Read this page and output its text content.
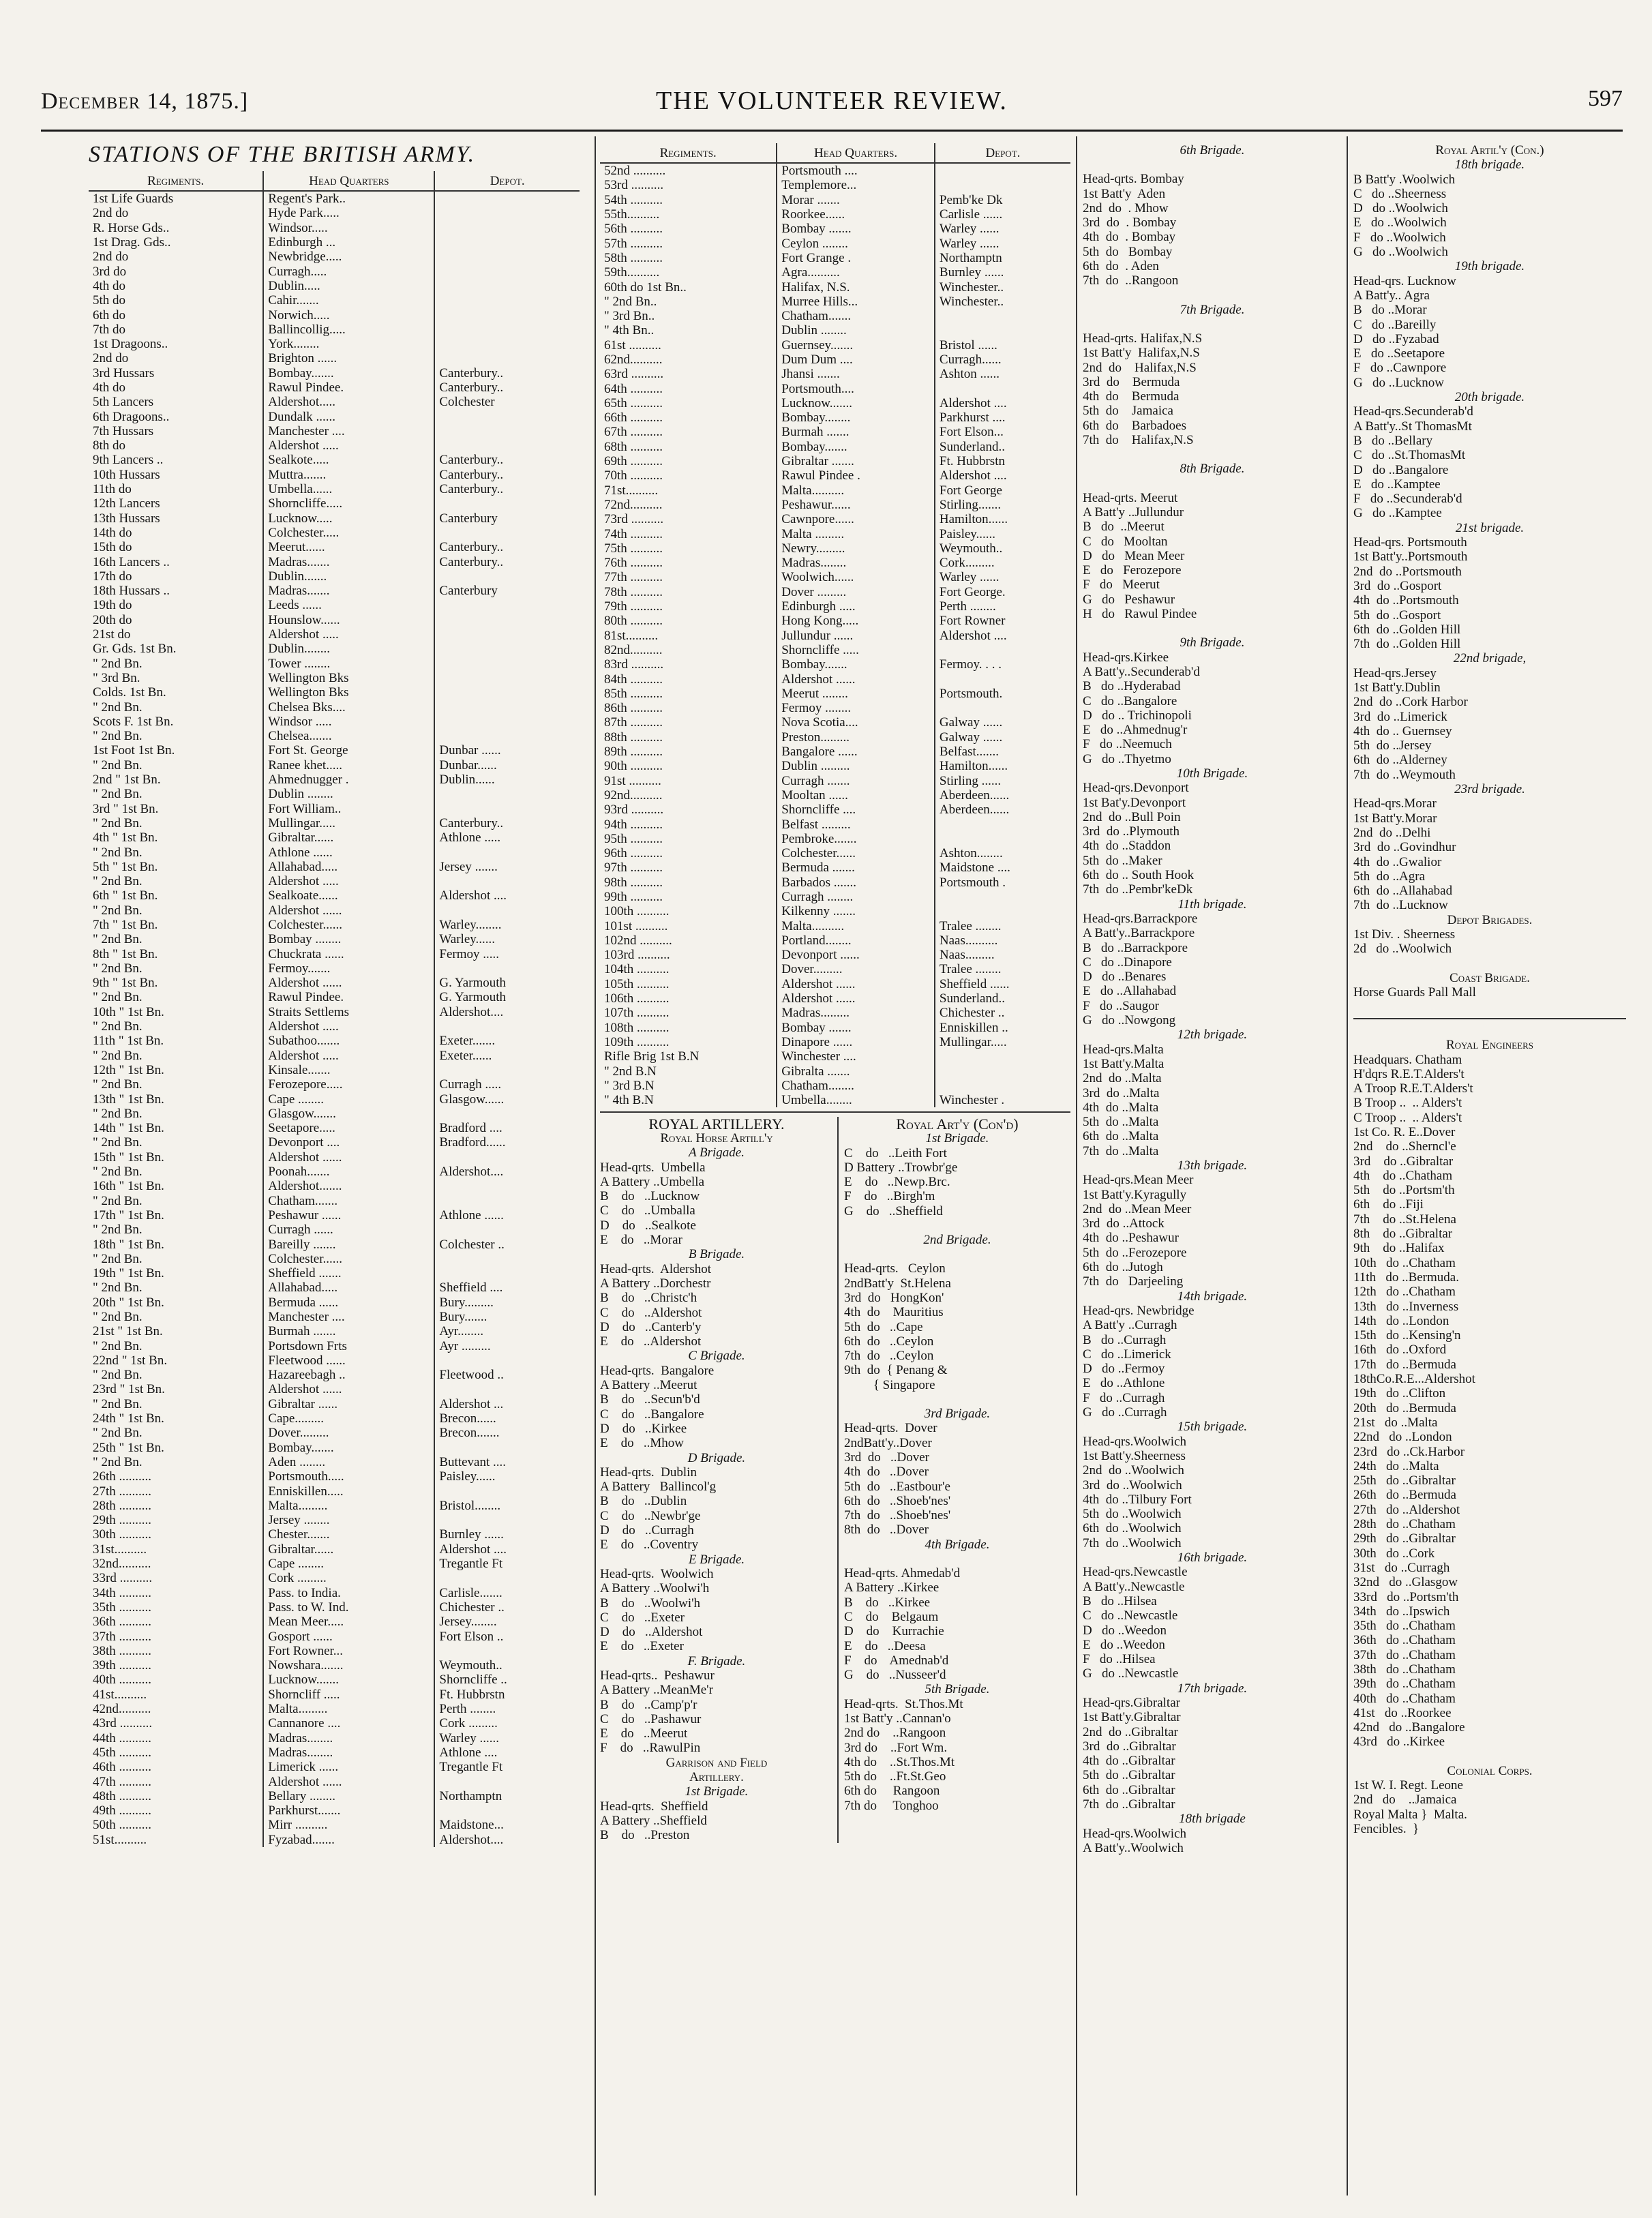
December 14, 1875.]	THE VOLUNTEER REVIEW.	597
STATIONS OF THE BRITISH ARMY.
Regiments.	Head Quarters	Depot.
1st Life Guards	Regent's Park..	
2nd do	Hyde Park.....	
R. Horse Gds..	Windsor.....	
1st Drag. Gds..	Edinburgh ...	
2nd do	Newbridge.....	
3rd do	Curragh.....	
4th do	Dublin.....	
5th do	Cahir.......	
6th do	Norwich.....	
7th do	Ballincollig.....	
1st Dragoons..	York........	
2nd do	Brighton ......	
3rd Hussars	Bombay.......	Canterbury..
4th do	Rawul Pindee.	Canterbury..
5th Lancers	Aldershot.....	Colchester
6th Dragoons..	Dundalk ......	
7th Hussars	Manchester ....	
8th do	Aldershot .....	
9th Lancers ..	Sealkote.....	Canterbury..
10th Hussars	Muttra.......	Canterbury..
11th do	Umbella......	Canterbury..
12th Lancers	Shorncliffe.....	
13th Hussars	Lucknow.....	Canterbury
14th do	Colchester.....	
15th do	Meerut......	Canterbury..
16th Lancers ..	Madras.......	Canterbury..
17th do	Dublin.......	
18th Hussars ..	Madras.......	Canterbury
19th do	Leeds ......	
20th do	Hounslow......	
21st do	Aldershot .....	
Gr. Gds. 1st Bn.	Dublin........	
" 2nd Bn.	Tower ........	
" 3rd Bn.	Wellington Bks	
Colds. 1st Bn.	Wellington Bks	
" 2nd Bn.	Chelsea Bks....	
Scots F. 1st Bn.	Windsor .....	
" 2nd Bn.	Chelsea.......	
1st Foot 1st Bn.	Fort St. George	Dunbar ......
" 2nd Bn.	Ranee khet.....	Dunbar......
2nd " 1st Bn.	Ahmednugger .	Dublin......
" 2nd Bn.	Dublin ........	
3rd " 1st Bn.	Fort William..	
" 2nd Bn.	Mullingar.....	Canterbury..
4th " 1st Bn.	Gibraltar......	Athlone .....
" 2nd Bn.	Athlone ......	
5th " 1st Bn.	Allahabad.....	Jersey .......
" 2nd Bn.	Aldershot .....	
6th " 1st Bn.	Sealkoate......	Aldershot ....
" 2nd Bn.	Aldershot ......	
7th " 1st Bn.	Colchester......	Warley........
" 2nd Bn.	Bombay ........	Warley......
8th " 1st Bn.	Chuckrata ......	Fermoy .....
" 2nd Bn.	Fermoy.......	
9th " 1st Bn.	Aldershot ......	G. Yarmouth
" 2nd Bn.	Rawul Pindee.	G. Yarmouth
10th " 1st Bn.	Straits Settlems	Aldershot....
" 2nd Bn.	Aldershot .....	
11th " 1st Bn.	Subathoo.......	Exeter.......
" 2nd Bn.	Aldershot .....	Exeter......
12th " 1st Bn.	Kinsale.......	
" 2nd Bn.	Ferozepore.....	Curragh .....
13th " 1st Bn.	Cape ........	Glasgow......
" 2nd Bn.	Glasgow.......	
14th " 1st Bn.	Seetapore.....	Bradford ....
" 2nd Bn.	Devonport ....	Bradford......
15th " 1st Bn.	Aldershot ......	
" 2nd Bn.	Poonah.......	Aldershot....
16th " 1st Bn.	Aldershot.......	
" 2nd Bn.	Chatham.......	
17th " 1st Bn.	Peshawur ......	Athlone ......
" 2nd Bn.	Curragh ......	
18th " 1st Bn.	Bareilly .......	Colchester ..
" 2nd Bn.	Colchester......	
19th " 1st Bn.	Sheffield .......	
" 2nd Bn.	Allahabad.....	Sheffield ....
20th " 1st Bn.	Bermuda ......	Bury.........
" 2nd Bn.	Manchester ....	Bury.......
21st " 1st Bn.	Burmah .......	Ayr........
" 2nd Bn.	Portsdown Frts	Ayr .........
22nd " 1st Bn.	Fleetwood ......	
" 2nd Bn.	Hazareebagh ..	Fleetwood ..
23rd " 1st Bn.	Aldershot ......	
" 2nd Bn.	Gibraltar ......	Aldershot ...
24th " 1st Bn.	Cape.........	Brecon......
" 2nd Bn.	Dover.........	Brecon.......
25th " 1st Bn.	Bombay.......	
" 2nd Bn.	Aden ........	Buttevant ....
26th ..........	Portsmouth.....	Paisley......
27th ..........	Enniskillen.....	
28th ..........	Malta.........	Bristol........
29th ..........	Jersey ........	
30th ..........	Chester.......	Burnley ......
31st..........	Gibraltar......	Aldershot ....
32nd..........	Cape ........	Tregantle Ft
33rd ..........	Cork .........	
34th ..........	Pass. to India.	Carlisle.......
35th ..........	Pass. to W. Ind.	Chichester ..
36th ..........	Mean Meer.....	Jersey........
37th ..........	Gosport ......	Fort Elson ..
38th ..........	Fort Rowner...	
39th ..........	Nowshara.......	Weymouth..
40th ..........	Lucknow.......	Shorncliffe ..
41st..........	Shorncliff .....	Ft. Hubbrstn
42nd..........	Malta.........	Perth ........
43rd ..........	Cannanore ....	Cork .........
44th ..........	Madras........	Warley ......
45th ..........	Madras........	Athlone ....
46th ..........	Limerick ......	Tregantle Ft
47th ..........	Aldershot ......	
48th ..........	Bellary ........	Northamptn
49th ..........	Parkhurst.......	
50th ..........	Mirr ..........	Maidstone...
51st..........	Fyzabad.......	Aldershot....
Regiments.	Head Quarters.	Depot.
52nd ..........	Portsmouth ....	
53rd ..........	Templemore...	
54th ..........	Morar .......	Pemb'ke Dk
55th..........	Roorkee......	Carlisle ......
56th ..........	Bombay .......	Warley ......
57th ..........	Ceylon ........	Warley ......
58th ..........	Fort Grange .	Northamptn
59th..........	Agra..........	Burnley ......
60th do 1st Bn..	Halifax, N.S.	Winchester..
" 2nd Bn..	Murree Hills...	Winchester..
" 3rd Bn..	Chatham.......	
" 4th Bn..	Dublin ........	
61st ..........	Guernsey.......	Bristol ......
62nd..........	Dum Dum ....	Curragh......
63rd ..........	Jhansi .......	Ashton ......
64th ..........	Portsmouth....	
65th ..........	Lucknow.......	Aldershot ....
66th ..........	Bombay........	Parkhurst ....
67th ..........	Burmah .......	Fort Elson...
68th ..........	Bombay.......	Sunderland..
69th ..........	Gibraltar .......	Ft. Hubbrstn
70th ..........	Rawul Pindee .	Aldershot ....
71st..........	Malta..........	Fort George
72nd..........	Peshawur......	Stirling.......
73rd ..........	Cawnpore......	Hamilton......
74th ..........	Malta .........	Paisley......
75th ..........	Newry.........	Weymouth..
76th ..........	Madras........	Cork.........
77th ..........	Woolwich......	Warley ......
78th ..........	Dover .........	Fort George.
79th ..........	Edinburgh .....	Perth ........
80th ..........	Hong Kong.....	Fort Rowner
81st..........	Jullundur ......	Aldershot ....
82nd..........	Shorncliffe .....	
83rd ..........	Bombay.......	Fermoy. . . .
84th ..........	Aldershot ......	
85th ..........	Meerut ........	Portsmouth.
86th ..........	Fermoy ........	
87th ..........	Nova Scotia....	Galway ......
88th ..........	Preston.........	Galway ......
89th ..........	Bangalore ......	Belfast.......
90th ..........	Dublin .........	Hamilton......
91st ..........	Curragh .......	Stirling ......
92nd..........	Mooltan ......	Aberdeen......
93rd ..........	Shorncliffe ....	Aberdeen......
94th ..........	Belfast .........	
95th ..........	Pembroke.......	
96th ..........	Colchester......	Ashton........
97th ..........	Bermuda .......	Maidstone ....
98th ..........	Barbados .......	Portsmouth .
99th ..........	Curragh ........	
100th ..........	Kilkenny .......	
101st ..........	Malta..........	Tralee ........
102nd ..........	Portland........	Naas..........
103rd ..........	Devonport ......	Naas.........
104th ..........	Dover.........	Tralee ........
105th ..........	Aldershot ......	Sheffield ......
106th ..........	Aldershot ......	Sunderland..
107th ..........	Madras.........	Chichester ..
108th ..........	Bombay .......	Enniskillen ..
109th ..........	Dinapore ......	Mullingar.....
Rifle Brig 1st B.N	Winchester ....	
" 2nd B.N	Gibralta .......	
" 3rd B.N	Chatham........	
" 4th B.N	Umbella........	Winchester .
ROYAL ARTILLERY.
Royal Horse Artill'y
A Brigade.
Head-qrts.  Umbella
A Battery ..Umbella
B    do   ..Lucknow
C    do   ..Umballa
D    do   ..Sealkote
E    do   ..Morar
B Brigade.
Head-qrts.  Aldershot
A Battery ..Dorchestr
B    do   ..Christc'h
C    do   ..Aldershot
D    do   ..Canterb'y
E    do   ..Aldershot
C Brigade.
Head-qrts.  Bangalore
A Battery ..Meerut
B    do   ..Secun'b'd
C    do   ..Bangalore
D    do   ..Kirkee
E    do   ..Mhow
D Brigade.
Head-qrts.  Dublin
A Battery   Ballincol'g
B    do   ..Dublin
C    do   ..Newbr'ge
D    do   ..Curragh
E    do   ..Coventry
E Brigade.
Head-qrts.  Woolwich
A Battery ..Woolwi'h
B    do   ..Woolwi'h
C    do   ..Exeter
D    do   ..Aldershot
E    do   ..Exeter
F. Brigade.
Head-qrts..  Peshawur
A Battery ..MeanMe'r
B    do   ..Camp'p'r
C    do   ..Pashawur
E    do   ..Meerut
F    do   ..RawulPin
Garrison and Field
Artillery.
1st Brigade.
Head-qrts.  Sheffield
A Battery ..Sheffield
B    do   ..Preston
Royal Art'y (Con'd)
1st Brigade.
C    do   ..Leith Fort
D Battery ..Trowbr'ge
E    do   ..Newp.Brc.
F    do   ..Birgh'm
G    do   ..Sheffield
2nd Brigade.
Head-qrts.   Ceylon
2ndBatt'y  St.Helena
3rd  do   HongKon'
4th  do    Mauritius
5th  do   ..Cape
6th  do   ..Ceylon
7th  do   ..Ceylon
9th  do  { Penang &
{ Singapore
3rd Brigade.
Head-qrts.  Dover
2ndBatt'y..Dover
3rd  do   ..Dover
4th  do   ..Dover
5th  do   ..Eastbour'e
6th  do   ..Shoeb'nes'
7th  do   ..Shoeb'nes'
8th  do   ..Dover
4th Brigade.
Head-qrts. Ahmedab'd
A Battery ..Kirkee
B    do   ..Kirkee
C    do    Belgaum
D    do    Kurrachie
E    do   ..Deesa
F    do    Amednab'd
G    do   ..Nusseer'd
5th Brigade.
Head-qrts.  St.Thos.Mt
1st Batt'y ..Cannan'o
2nd do    ..Rangoon
3rd do    ..Fort Wm.
4th do    ..St.Thos.Mt
5th do    ..Ft.St.Geo
6th do     Rangoon
7th do     Tonghoo
6th Brigade.
Head-qrts. Bombay
1st Batt'y  Aden
2nd  do  . Mhow
3rd  do  . Bombay
4th  do  . Bombay
5th  do   Bombay
6th  do  . Aden
7th  do  ..Rangoon
7th Brigade.
Head-qrts. Halifax,N.S
1st Batt'y  Halifax,N.S
2nd  do    Halifax,N.S
3rd  do    Bermuda
4th  do    Bermuda
5th  do    Jamaica
6th  do    Barbadoes
7th  do    Halifax,N.S
8th Brigade.
Head-qrts. Meerut
A Batt'y ..Jullundur
B   do  ..Meerut
C   do   Mooltan
D   do   Mean Meer
E   do   Ferozepore
F   do   Meerut
G   do   Peshawur
H   do   Rawul Pindee
9th Brigade.
Head-qrs.Kirkee
A Batt'y..Secunderab'd
B   do ..Hyderabad
C   do ..Bangalore
D   do .. Trichinopoli
E   do ..Ahmednug'r
F   do ..Neemuch
G   do ..Thyetmo
10th Brigade.
Head-qrs.Devonport
1st Bat'y.Devonport
2nd  do ..Bull Poin
3rd  do ..Plymouth
4th  do ..Staddon
5th  do ..Maker
6th  do .. South Hook
7th  do ..Pembr'keDk
11th brigade.
Head-qrs.Barrackpore
A Batt'y..Barrackpore
B   do ..Barrackpore
C   do ..Dinapore
D   do ..Benares
E   do ..Allahabad
F   do ..Saugor
G   do ..Nowgong
12th brigade.
Head-qrs.Malta
1st Batt'y.Malta
2nd  do ..Malta
3rd  do ..Malta
4th  do ..Malta
5th  do ..Malta
6th  do ..Malta
7th  do ..Malta
13th brigade.
Head-qrs.Mean Meer
1st Batt'y.Kyragully
2nd  do ..Mean Meer
3rd  do ..Attock
4th  do ..Peshawur
5th  do ..Ferozepore
6th  do ..Jutogh
7th  do   Darjeeling
14th brigade.
Head-qrs. Newbridge
A Batt'y ..Curragh
B   do ..Curragh
C   do ..Limerick
D   do ..Fermoy
E   do ..Athlone
F   do ..Curragh
G   do ..Curragh
15th brigade.
Head-qrs.Woolwich
1st Batt'y.Sheerness
2nd  do ..Woolwich
3rd  do ..Woolwich
4th  do ..Tilbury Fort
5th  do ..Woolwich
6th  do ..Woolwich
7th  do ..Woolwich
16th brigade.
Head-qrs.Newcastle
A Batt'y..Newcastle
B   do ..Hilsea
C   do ..Newcastle
D   do ..Weedon
E   do ..Weedon
F   do ..Hilsea
G   do ..Newcastle
17th brigade.
Head-qrs.Gibraltar
1st Batt'y.Gibraltar
2nd  do ..Gibraltar
3rd  do ..Gibraltar
4th  do ..Gibraltar
5th  do ..Gibraltar
6th  do ..Gibraltar
7th  do ..Gibraltar
18th brigade
Head-qrs.Woolwich
A Batt'y..Woolwich
Royal Artil'y (Con.)
18th brigade.
B Batt'y .Woolwich
C   do ..Sheerness
D   do ..Woolwich
E   do ..Woolwich
F   do ..Woolwich
G   do ..Woolwich
19th brigade.
Head-qrs. Lucknow
A Batt'y.. Agra
B   do ..Morar
C   do ..Bareilly
D   do ..Fyzabad
E   do ..Seetapore
F   do ..Cawnpore
G   do ..Lucknow
20th brigade.
Head-qrs.Secunderab'd
A Batt'y..St ThomasMt
B   do ..Bellary
C   do ..St.ThomasMt
D   do ..Bangalore
E   do ..Kamptee
F   do ..Secunderab'd
G   do ..Kamptee
21st brigade.
Head-qrs. Portsmouth
1st Batt'y..Portsmouth
2nd  do ..Portsmouth
3rd  do ..Gosport
4th  do ..Portsmouth
5th  do ..Gosport
6th  do ..Golden Hill
7th  do ..Golden Hill
22nd brigade,
Head-qrs.Jersey
1st Batt'y.Dublin
2nd  do ..Cork Harbor
3rd  do ..Limerick
4th  do .. Guernsey
5th  do ..Jersey
6th  do ..Alderney
7th  do ..Weymouth
23rd brigade.
Head-qrs.Morar
1st Batt'y.Morar
2nd  do ..Delhi
3rd  do ..Govindhur
4th  do ..Gwalior
5th  do ..Agra
6th  do ..Allahabad
7th  do ..Lucknow
Depot Brigades.
1st Div. . Sheerness
2d   do ..Woolwich
Coast Brigade.
Horse Guards Pall Mall
Royal Engineers
Headquars. Chatham
H'dqrs R.E.T.Alders't
A Troop R.E.T.Alders't
B Troop ..  .. Alders't
C Troop ..  .. Alders't
1st Co. R. E..Dover
2nd    do ..Sherncl'e
3rd    do ..Gibraltar
4th    do ..Chatham
5th    do ..Portsm'th
6th    do ..Fiji
7th    do ..St.Helena
8th    do ..Gibraltar
9th    do ..Halifax
10th   do ..Chatham
11th   do ..Bermuda.
12th   do ..Chatham
13th   do ..Inverness
14th   do ..London
15th   do ..Kensing'n
16th   do ..Oxford
17th   do ..Bermuda
18thCo.R.E...Aldershot
19th   do ..Clifton
20th   do ..Bermuda
21st   do ..Malta
22nd   do ..London
23rd   do ..Ck.Harbor
24th   do ..Malta
25th   do ..Gibraltar
26th   do ..Bermuda
27th   do ..Aldershot
28th   do ..Chatham
29th   do ..Gibraltar
30th   do ..Cork
31st   do ..Curragh
32nd   do ..Glasgow
33rd   do ..Portsm'th
34th   do ..Ipswich
35th   do ..Chatham
36th   do ..Chatham
37th   do ..Chatham
38th   do ..Chatham
39th   do ..Chatham
40th   do ..Chatham
41st   do ..Roorkee
42nd   do ..Bangalore
43rd   do ..Kirkee
Colonial Corps.
1st W. I. Regt. Leone
2nd   do    ..Jamaica
Royal Malta }  Malta.
Fencibles.  }
